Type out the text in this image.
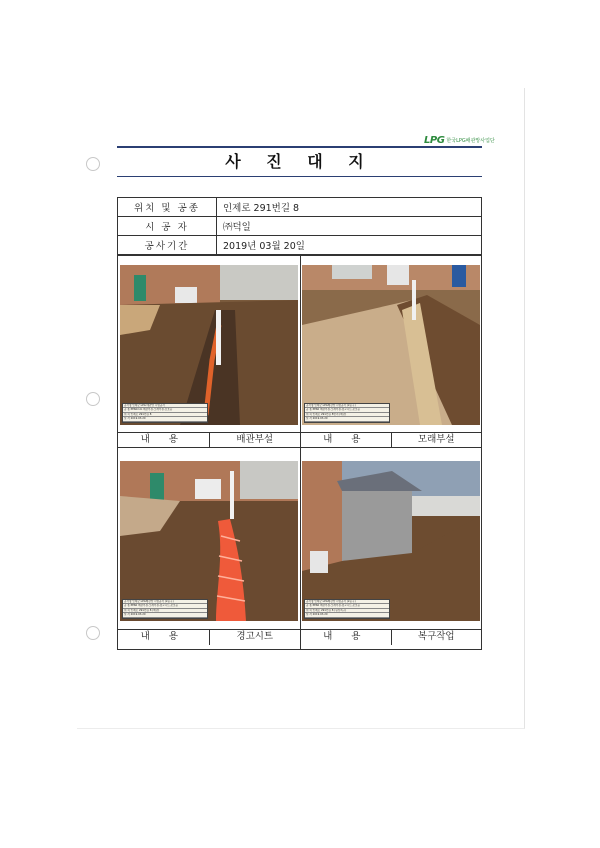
LPG 한국LPG배관망사업단
사 진 대 지
위치 및 공종	인제로 291번길 8
시 공 자	㈜덕일
공사기간	2019년 03월 20일
공사명 인제군 LPG 배관망 시범공사
공 종 PE60mm 배관부설,모래부설,보호공
위 치 인제로 291번길 8
일 자 2019.03.20
공사명 인제군 LPG배관망 시범공사 (2공구)
공 종 PE60 배관부설,모래부설,경고시트,보호공
위 치 인제로 291번길 8번지 (배관)
일 자 2019.03.20
내 용	배관부설	내 용	모래부설
공사명 인제군 LPG배관망 시범공사 (2공구)
공 종 PE60 배관부설,모래부설,경고시트,보호공
위 치 인제로 291번길 8 (배관)
일 자 2019.03.20
공사명 인제군 LPG배관망 시범공사 (2공구)
공 종 PE60 배관부설,모래부설,경고시트,보호공
위 치 인제로 291번길 8 (원상복구)
일 자 2019.03.20
내 용	경고시트	내 용	복구작업
